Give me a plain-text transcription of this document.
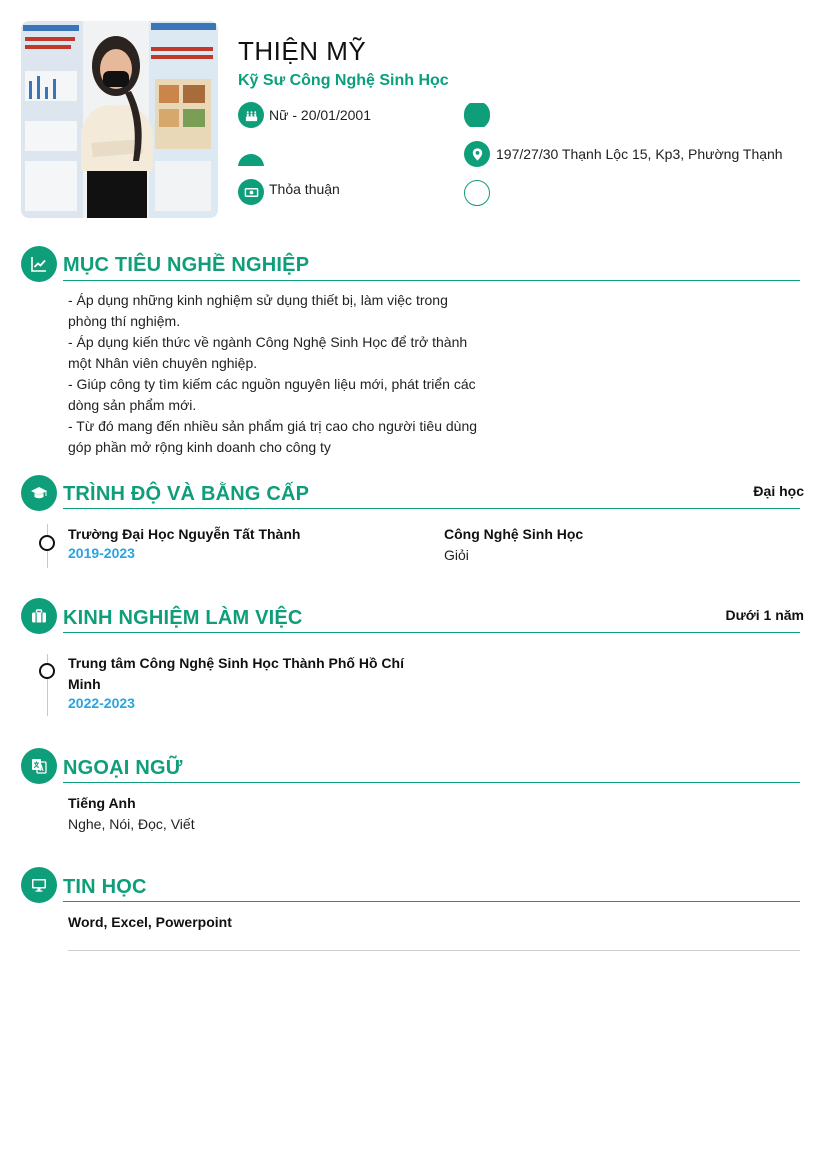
THIỆN MỸ
Kỹ Sư Công Nghệ Sinh Học
Nữ - 20/01/2001
197/27/30 Thạnh Lộc 15, Kp3, Phường Thạnh
Thỏa thuận
MỤC TIÊU NGHỀ NGHIỆP
- Áp dụng những kinh nghiệm sử dụng thiết bị, làm việc trong
phòng thí nghiệm.
- Áp dụng kiến thức về ngành Công Nghệ Sinh Học để trở thành
một Nhân viên chuyên nghiệp.
- Giúp công ty tìm kiếm các nguồn nguyên liệu mới, phát triển các
dòng sản phẩm mới.
- Từ đó mang đến nhiều sản phẩm giá trị cao cho người tiêu dùng
góp phần mở rộng kinh doanh cho công ty
TRÌNH ĐỘ VÀ BẰNG CẤP	Đại học
Trường Đại Học Nguyễn Tất Thành
2019-2023
Công Nghệ Sinh Học
Giỏi
KINH NGHIỆM LÀM VIỆC	Dưới 1 năm
Trung tâm Công Nghệ Sinh Học Thành Phố Hồ Chí
Minh
2022-2023
NGOẠI NGỮ
Tiếng Anh
Nghe, Nói, Đọc, Viết
TIN HỌC
Word, Excel, Powerpoint
